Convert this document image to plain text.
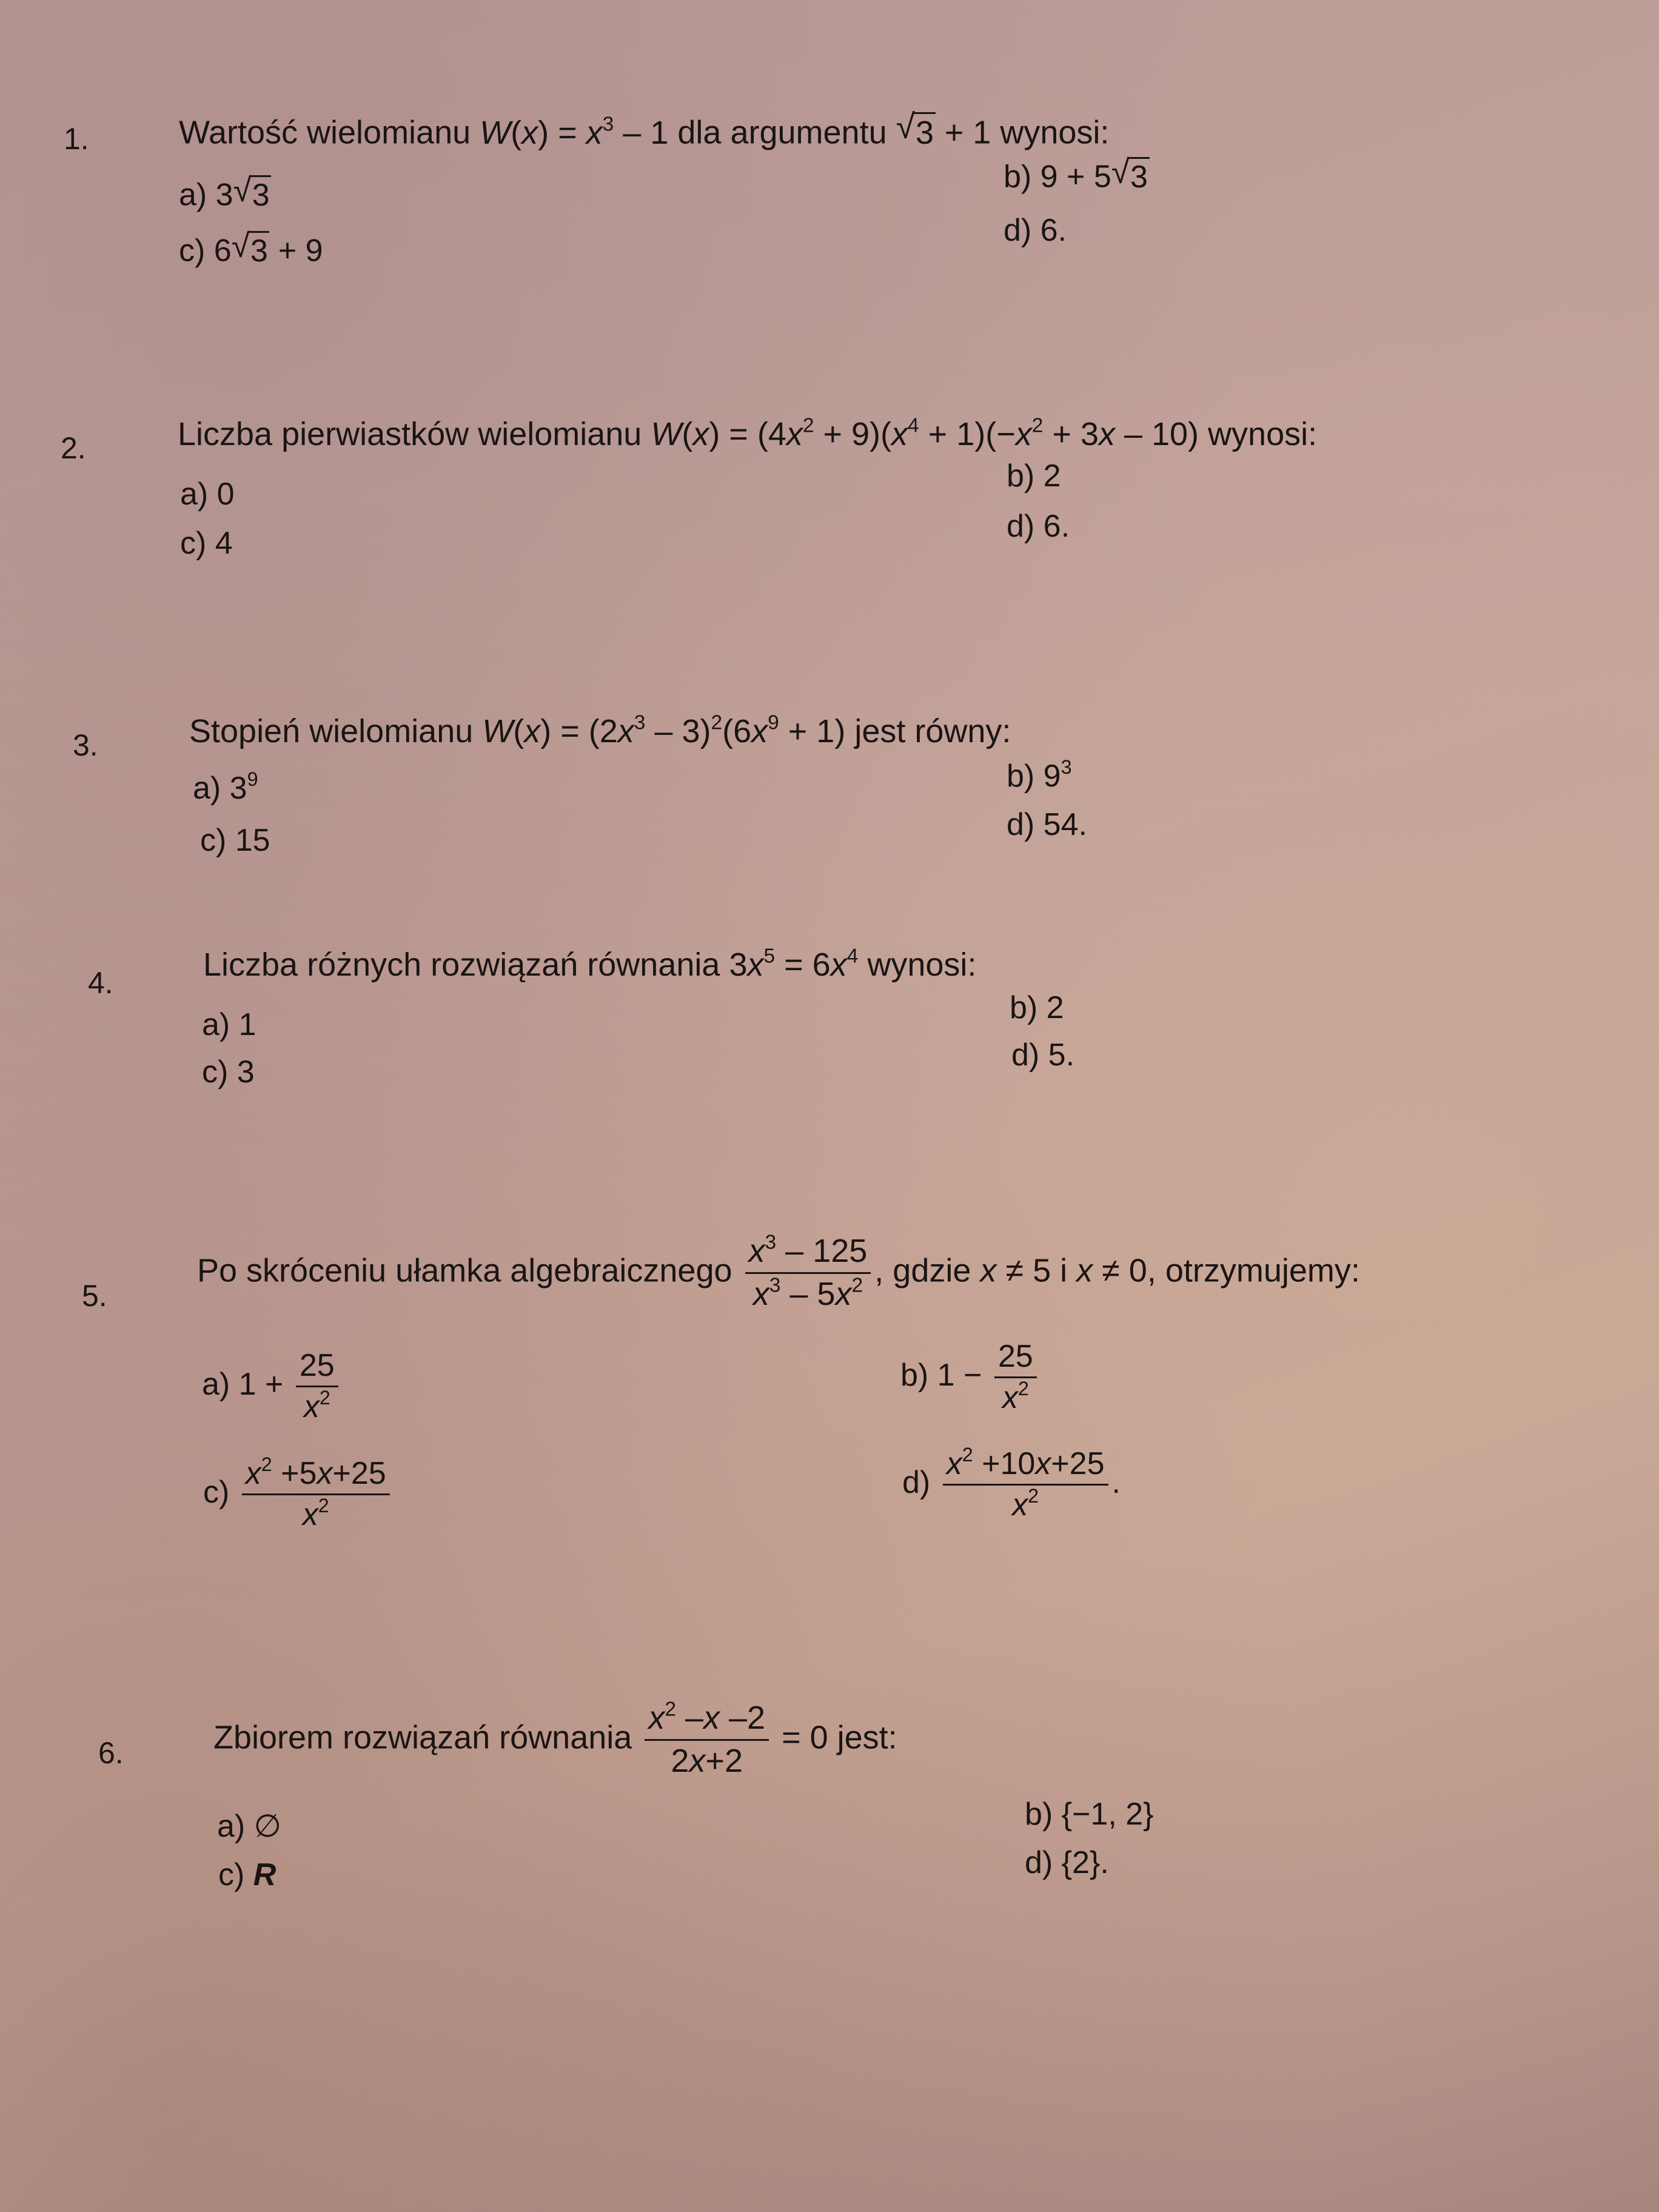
1.	Wartość wielomianu $W(x) = x^3 - 1$ dla argumentu √ 3 + 1 wynosi:
a) 3 √ 3
b) 9 + 5 √ 3
c) 6 √ 3 + 9
d) 6.
2.	Liczba pierwiastków wielomianu $W(x) = (4x^2 + 9)(x^4 + 1)(-x^2 + 3x - 10)$ wynosi:
a) 0
b) 2
c) 4	d) 6.
3.	Stopień wielomianu $W(x) = (2x^3 - 3)^2(6x^9 + 1)$ jest równy:
a) $3^9$	b) $9^3$
c) 15	d) 54.
4.	Liczba różnych rozwiązań równania $3x^5 = 6x^4$ wynosi:
a) 1	b) 2
c) 3	d) 5.
5.
Po skróceniu ułamka algebraicznego $\frac{x^3 - 125}{x^3 - 5x^2}$ , gdzie x ≠ 5 i x ≠ 0, otrzymujemy:
a) $1 + \frac{25}{x^2}$	b) $1 - \frac{25}{x^2}$
$c) \frac{x^2 +5x+25}{x^2}$	$d) \frac{x^2 +10x+25}{x^2}$ .
6.	Zbiorem rozwiązań równania $\frac{x^2 -x -2}{2x+2} = 0$ jest:
a) ∅	b) {−1, 2}
c) R	d) {2}.
